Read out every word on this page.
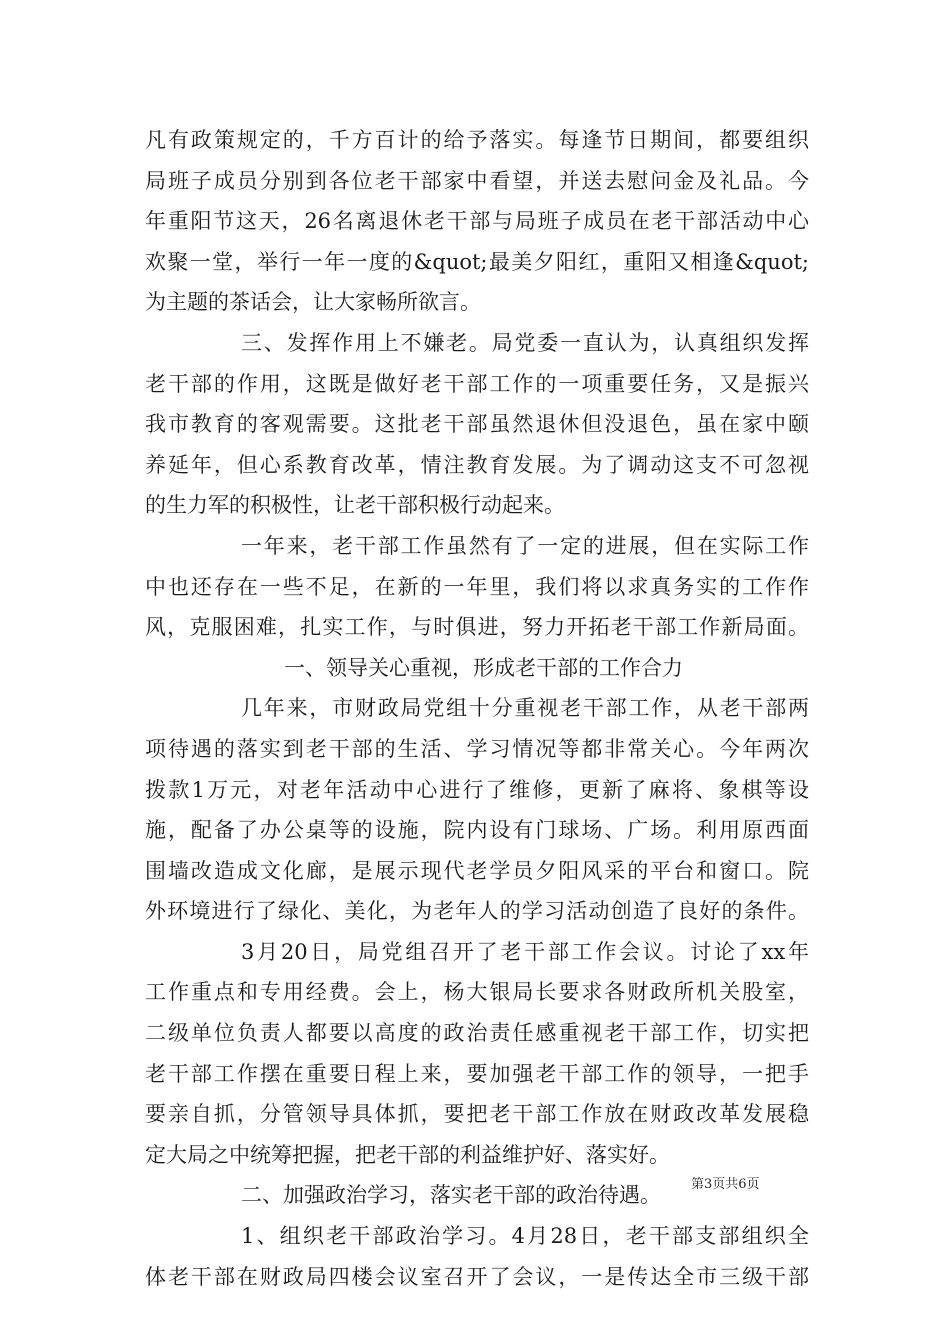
凡有政策规定的，千方百计的给予落实。每逢节日期间，都要组织
局班子成员分别到各位老干部家中看望，并送去慰问金及礼品。今
年重阳节这天，26名离退休老干部与局班子成员在老干部活动中心
欢聚一堂，举行一年一度的&quot;最美夕阳红，重阳又相逢&quot;
为主题的茶话会，让大家畅所欲言。
三、发挥作用上不嫌老。局党委一直认为，认真组织发挥
老干部的作用，这既是做好老干部工作的一项重要任务，又是振兴
我市教育的客观需要。这批老干部虽然退休但没退色，虽在家中颐
养延年，但心系教育改革，情注教育发展。为了调动这支不可忽视
的生力军的积极性，让老干部积极行动起来。
一年来，老干部工作虽然有了一定的进展，但在实际工作
中也还存在一些不足，在新的一年里，我们将以求真务实的工作作
风，克服困难，扎实工作，与时俱进，努力开拓老干部工作新局面。
一、领导关心重视，形成老干部的工作合力
几年来，市财政局党组十分重视老干部工作，从老干部两
项待遇的落实到老干部的生活、学习情况等都非常关心。今年两次
拨款1万元，对老年活动中心进行了维修，更新了麻将、象棋等设
施，配备了办公桌等的设施，院内设有门球场、广场。利用原西面
围墙改造成文化廊，是展示现代老学员夕阳风采的平台和窗口。院
外环境进行了绿化、美化，为老年人的学习活动创造了良好的条件。
3月20日，局党组召开了老干部工作会议。讨论了xx年
工作重点和专用经费。会上，杨大银局长要求各财政所机关股室，
二级单位负责人都要以高度的政治责任感重视老干部工作，切实把
老干部工作摆在重要日程上来，要加强老干部工作的领导，一把手
要亲自抓，分管领导具体抓，要把老干部工作放在财政改革发展稳
定大局之中统筹把握，把老干部的利益维护好、落实好。
二、加强政治学习，落实老干部的政治待遇。
1、组织老干部政治学习。4月28日，老干部支部组织全
体老干部在财政局四楼会议室召开了会议，一是传达全市三级干部
第3页共6页
